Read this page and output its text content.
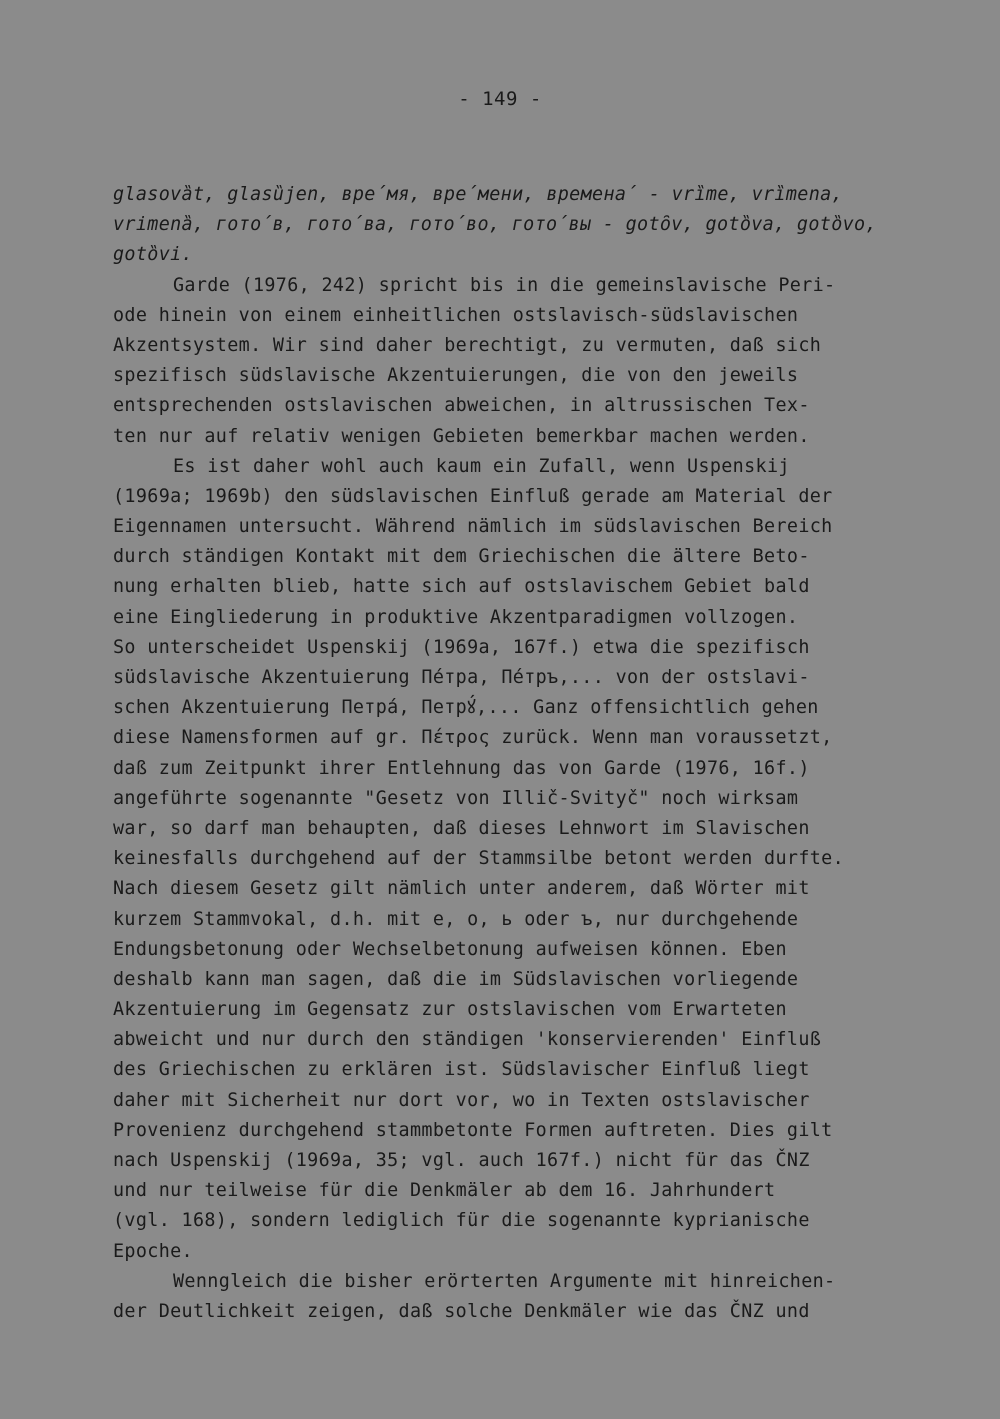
- 149 -
glasovȁt, glasȕjen, вре́мя, вре́мени, времена́ - vrȉme, vrȉmena,
vrimenȁ, гото́в, гото́ва, гото́во, гото́вы - gotȏv, gotȍva, gotȍvo,
gotȍvi.
Garde (1976, 242) spricht bis in die gemeinslavische Peri-
ode hinein von einem einheitlichen ostslavisch-südslavischen
Akzentsystem. Wir sind daher berechtigt, zu vermuten, daß sich
spezifisch südslavische Akzentuierungen, die von den jeweils
entsprechenden ostslavischen abweichen, in altrussischen Tex-
ten nur auf relativ wenigen Gebieten bemerkbar machen werden.
Es ist daher wohl auch kaum ein Zufall, wenn Uspenskij
(1969a; 1969b) den südslavischen Einfluß gerade am Material der
Eigennamen untersucht. Während nämlich im südslavischen Bereich
durch ständigen Kontakt mit dem Griechischen die ältere Beto-
nung erhalten blieb, hatte sich auf ostslavischem Gebiet bald
eine Eingliederung in produktive Akzentparadigmen vollzogen.
So unterscheidet Uspenskij (1969a, 167f.) etwa die spezifisch
südslavische Akzentuierung Пе́тра, Пе́тръ,... von der ostslavi-
schen Akzentuierung Петра́, Петрꙋ́,... Ganz offensichtlich gehen
diese Namensformen auf gr. Πέτρος zurück. Wenn man voraussetzt,
daß zum Zeitpunkt ihrer Entlehnung das von Garde (1976, 16f.)
angeführte sogenannte "Gesetz von Illič-Svityč" noch wirksam
war, so darf man behaupten, daß dieses Lehnwort im Slavischen
keinesfalls durchgehend auf der Stammsilbe betont werden durfte.
Nach diesem Gesetz gilt nämlich unter anderem, daß Wörter mit
kurzem Stammvokal, d.h. mit e, o, ь oder ъ, nur durchgehende
Endungsbetonung oder Wechselbetonung aufweisen können. Eben
deshalb kann man sagen, daß die im Südslavischen vorliegende
Akzentuierung im Gegensatz zur ostslavischen vom Erwarteten
abweicht und nur durch den ständigen 'konservierenden' Einfluß
des Griechischen zu erklären ist. Südslavischer Einfluß liegt
daher mit Sicherheit nur dort vor, wo in Texten ostslavischer
Provenienz durchgehend stammbetonte Formen auftreten. Dies gilt
nach Uspenskij (1969a, 35; vgl. auch 167f.) nicht für das ČNZ
und nur teilweise für die Denkmäler ab dem 16. Jahrhundert
(vgl. 168), sondern lediglich für die sogenannte kyprianische
Epoche.
Wenngleich die bisher erörterten Argumente mit hinreichen-
der Deutlichkeit zeigen, daß solche Denkmäler wie das ČNZ und
